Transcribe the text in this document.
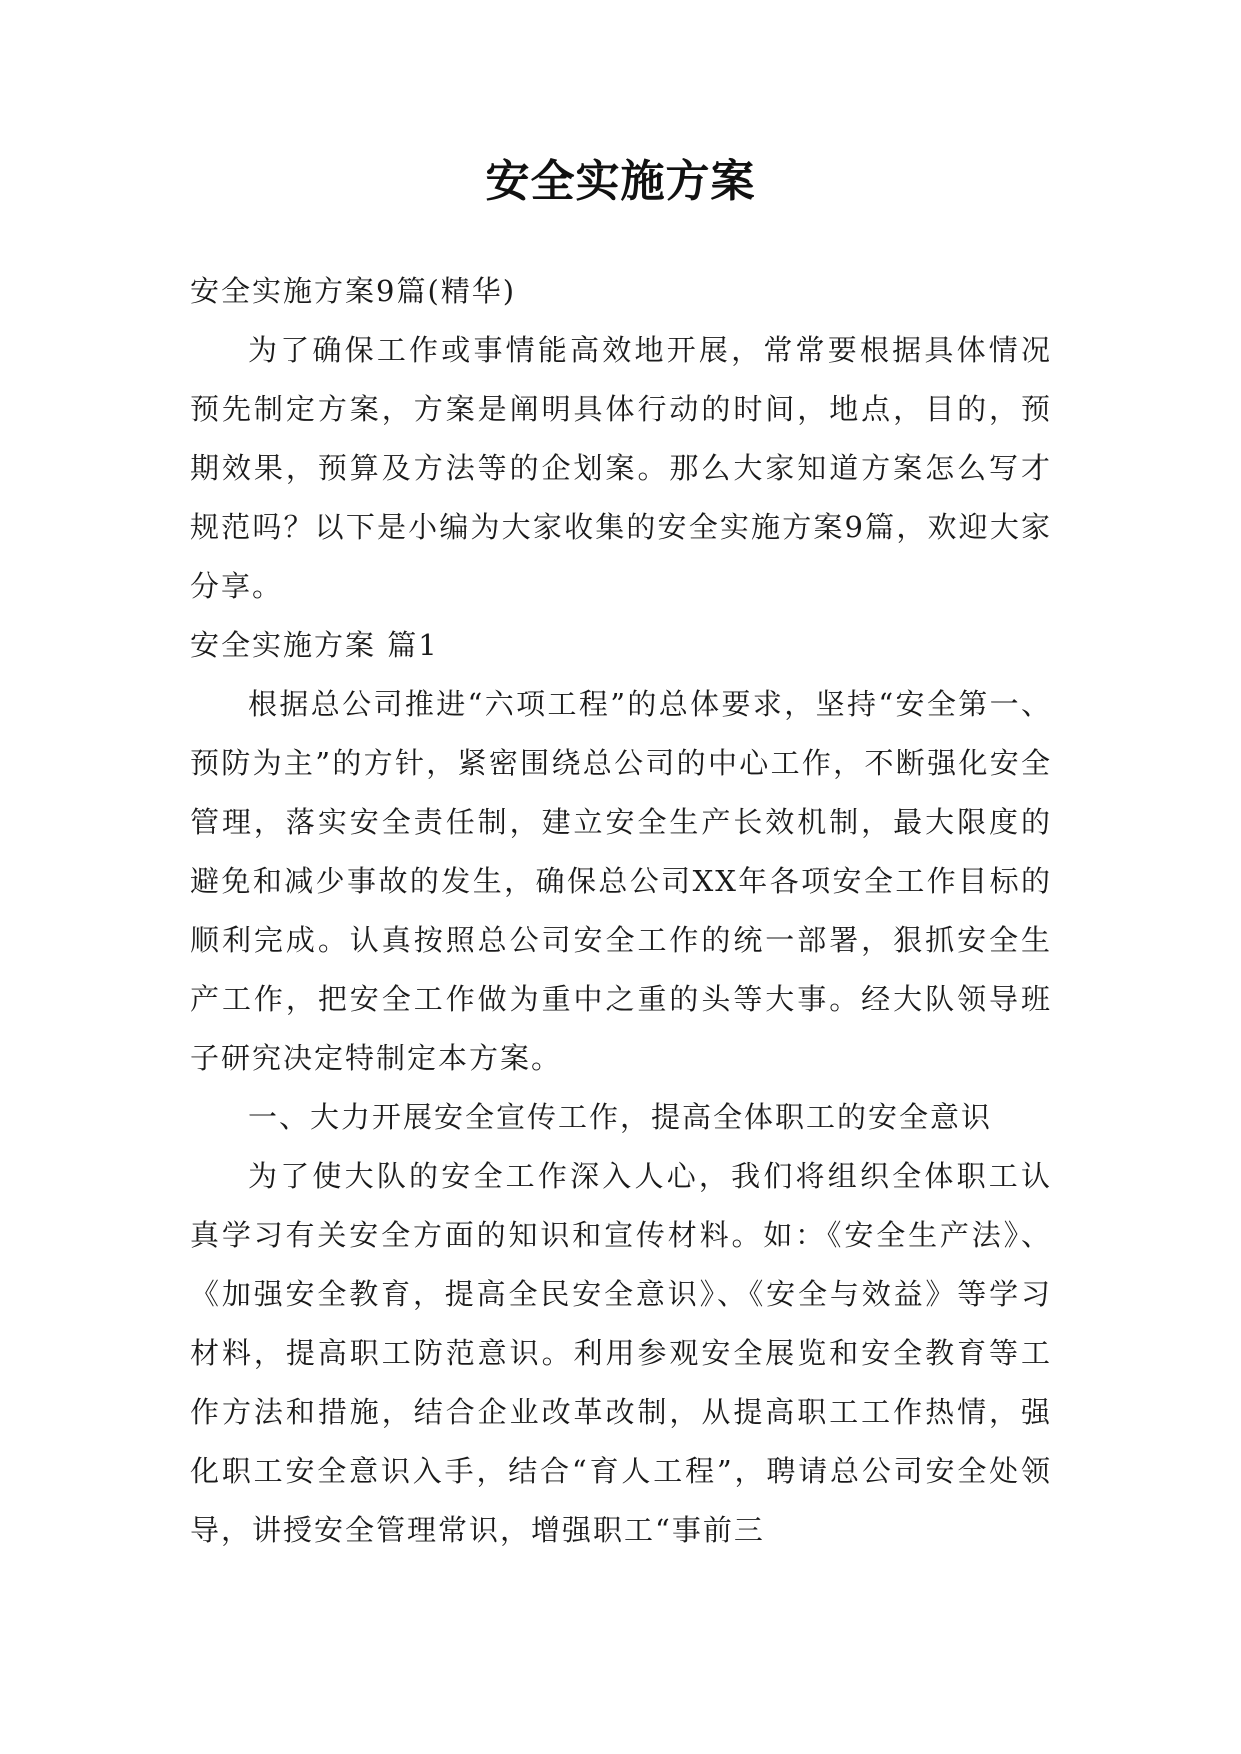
安全实施方案

安全实施方案9篇(精华)

为了确保工作或事情能高效地开展，常常要根据具体情况预先制定方案，方案是阐明具体行动的时间，地点，目的，预期效果，预算及方法等的企划案。那么大家知道方案怎么写才规范吗？以下是小编为大家收集的安全实施方案9篇，欢迎大家分享。

安全实施方案 篇1

根据总公司推进“六项工程”的总体要求，坚持“安全第一、预防为主”的方针，紧密围绕总公司的中心工作，不断强化安全管理，落实安全责任制，建立安全生产长效机制，最大限度的避免和减少事故的发生，确保总公司XX年各项安全工作目标的顺利完成。认真按照总公司安全工作的统一部署，狠抓安全生产工作，把安全工作做为重中之重的头等大事。经大队领导班子研究决定特制定本方案。

一、大力开展安全宣传工作，提高全体职工的安全意识

为了使大队的安全工作深入人心，我们将组织全体职工认真学习有关安全方面的知识和宣传材料。如：《安全生产法》、《加强安全教育，提高全民安全意识》、《安全与效益》等学习材料，提高职工防范意识。利用参观安全展览和安全教育等工作方法和措施，结合企业改革改制，从提高职工工作热情，强化职工安全意识入手，结合“育人工程”，聘请总公司安全处领导，讲授安全管理常识，增强职工“事前三
